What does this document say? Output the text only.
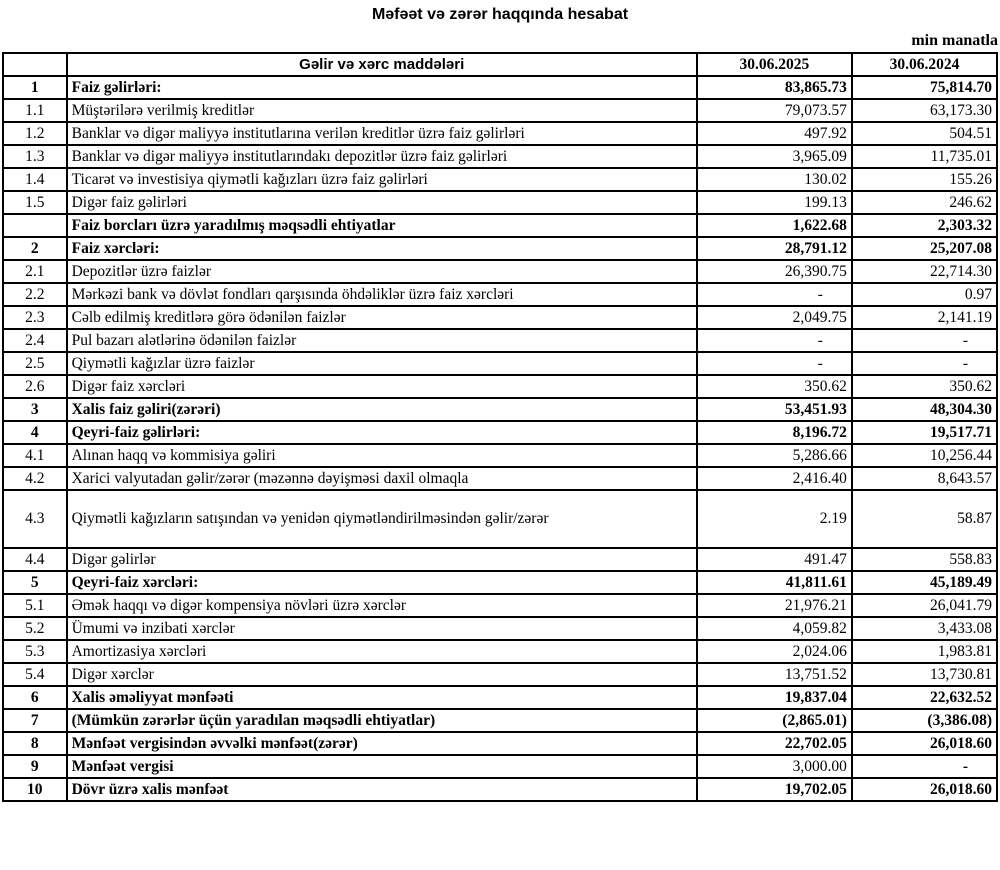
Məfəət və zərər haqqında hesabat
min manatla
	Gəlir və xərc maddələri	30.06.2025	30.06.2024
1	Faiz gəlirləri:	83,865.73	75,814.70
1.1	Müştərilərə verilmiş kreditlər	79,073.57	63,173.30
1.2	Banklar və digər maliyyə institutlarına verilən kreditlər üzrə faiz gəlirləri	497.92	504.51
1.3	Banklar və digər maliyyə institutlarındakı depozitlər üzrə faiz gəlirləri	3,965.09	11,735.01
1.4	Ticarət və investisiya qiymətli kağızları üzrə faiz gəlirləri	130.02	155.26
1.5	Digər faiz gəlirləri	199.13	246.62
	Faiz borcları üzrə yaradılmış məqsədli ehtiyatlar	1,622.68	2,303.32
2	Faiz xərcləri:	28,791.12	25,207.08
2.1	Depozitlər üzrə faizlər	26,390.75	22,714.30
2.2	Mərkəzi bank və dövlət fondları qarşısında öhdəliklər üzrə faiz xərcləri	-	0.97
2.3	Cəlb edilmiş kreditlərə görə ödənilən faizlər	2,049.75	2,141.19
2.4	Pul bazarı alətlərinə ödənilən faizlər	-	-
2.5	Qiymətli kağızlar üzrə faizlər	-	-
2.6	Digər faiz xərcləri	350.62	350.62
3	Xalis faiz gəliri(zərəri)	53,451.93	48,304.30
4	Qeyri-faiz gəlirləri:	8,196.72	19,517.71
4.1	Alınan haqq və kommisiya gəliri	5,286.66	10,256.44
4.2	Xarici valyutadan gəlir/zərər (məzənnə dəyişməsi daxil olmaqla	2,416.40	8,643.57
4.3	Qiymətli kağızların satışından və yenidən qiymətləndirilməsindən gəlir/zərər	2.19	58.87
4.4	Digər gəlirlər	491.47	558.83
5	Qeyri-faiz xərcləri:	41,811.61	45,189.49
5.1	Əmək haqqı və digər kompensiya növləri üzrə xərclər	21,976.21	26,041.79
5.2	Ümumi və inzibati xərclər	4,059.82	3,433.08
5.3	Amortizasiya xərcləri	2,024.06	1,983.81
5.4	Digər xərclər	13,751.52	13,730.81
6	Xalis əməliyyat mənfəəti	19,837.04	22,632.52
7	(Mümkün zərərlər üçün yaradılan məqsədli ehtiyatlar)	(2,865.01)	(3,386.08)
8	Mənfəət vergisindən əvvəlki mənfəət(zərər)	22,702.05	26,018.60
9	Mənfəət vergisi	3,000.00	-
10	Dövr üzrə xalis mənfəət	19,702.05	26,018.60
